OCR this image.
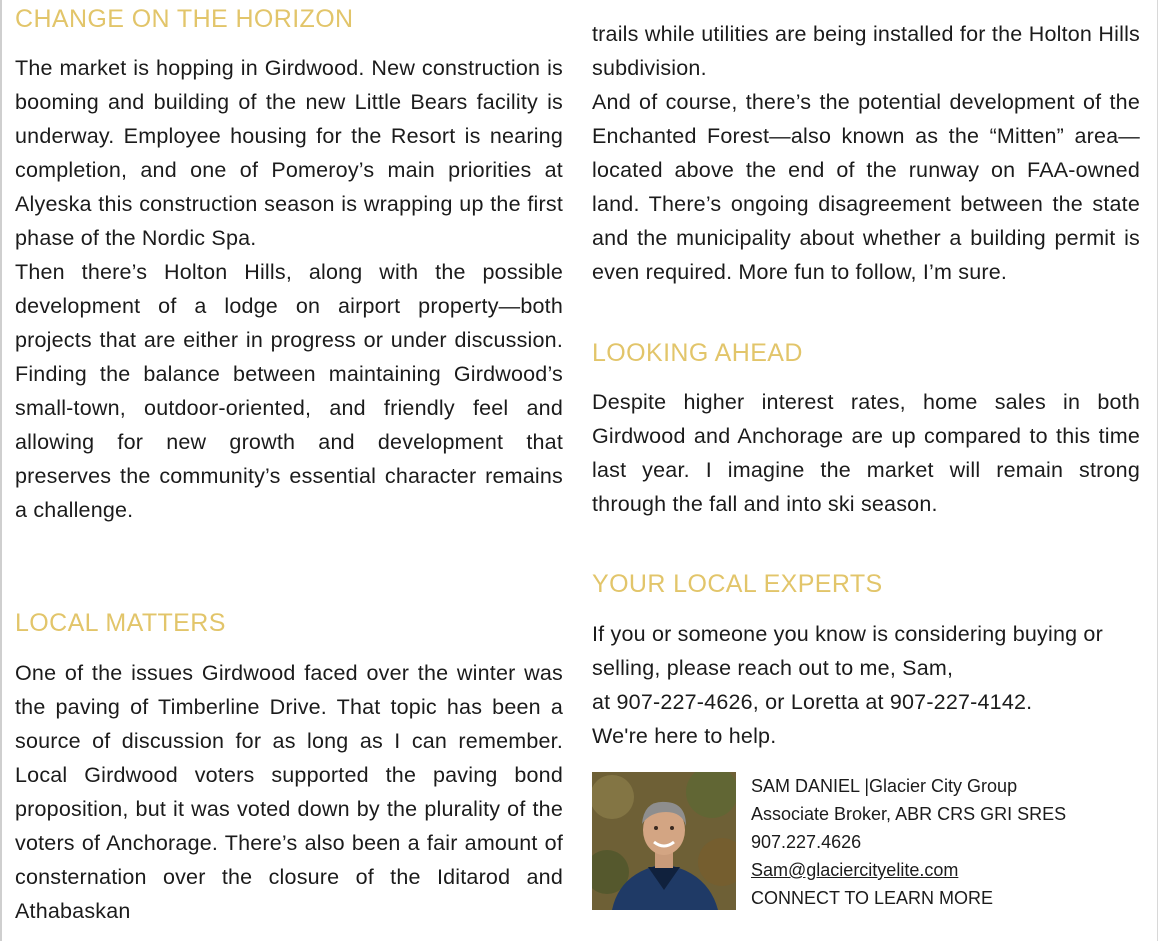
CHANGE ON THE HORIZON

The market is hopping in Girdwood. New construction is booming and building of the new Little Bears facility is underway. Employee housing for the Resort is nearing completion, and one of Pomeroy’s main priorities at Alyeska this construction season is wrapping up the first phase of the Nordic Spa.

Then there’s Holton Hills, along with the possible development of a lodge on airport property—both projects that are either in progress or under discussion. Finding the balance between maintaining Girdwood’s small-town, outdoor-oriented, and friendly feel and allowing for new growth and development that preserves the community’s essential character remains a challenge.

LOCAL MATTERS

One of the issues Girdwood faced over the winter was the paving of Timberline Drive. That topic has been a source of discussion for as long as I can remember. Local Girdwood voters supported the paving bond proposition, but it was voted down by the plurality of the voters of Anchorage. There’s also been a fair amount of consternation over the closure of the Iditarod and Athabaskan

trails while utilities are being installed for the Holton Hills subdivision.

And of course, there’s the potential development of the Enchanted Forest—also known as the “Mitten” area—located above the end of the runway on FAA-owned land. There’s ongoing disagreement between the state and the municipality about whether a building permit is even required. More fun to follow, I’m sure.

LOOKING AHEAD

Despite higher interest rates, home sales in both Girdwood and Anchorage are up compared to this time last year. I imagine the market will remain strong through the fall and into ski season.

YOUR LOCAL EXPERTS

If you or someone you know is considering buying or selling, please reach out to me, Sam,

at 907-227-4626, or Loretta at 907-227-4142.

We're here to help.

SAM DANIEL |Glacier City Group
Associate Broker, ABR CRS GRI SRES
907.227.4626
Sam@glaciercityelite.com
CONNECT TO LEARN MORE
